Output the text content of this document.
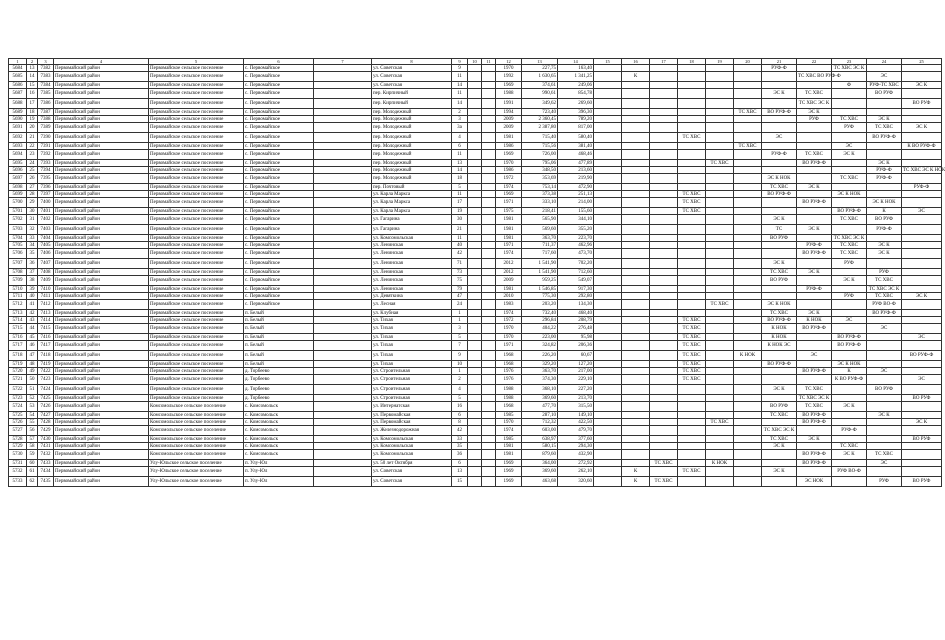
1	2	3	4	5	6	7	8	9	10	11	12	13	14	15	16	17	18	19	20	21	22	23	24	25	
5684	13	7382	Первомайский район	Первомайское сельское поселение	с. Первомайское		ул. Советская	9			1970	227,75	163,40							РУФ-Ф		ТС ХВС ЭС К			
5685	14	7383	Первомайский район	Первомайское сельское поселение	с. Первомайское		ул. Советская	11			1992	1 630,65	1 341,25		К						ТС ХВС ВО РУФ-Ф		ЭС		
5686	15	7384	Первомайский район	Первомайское сельское поселение	с. Первомайское		ул. Советская	14			1969	374,61	249,06									Ф	РУФ-ТС ХВС	ЭС К	
5687	16	7385	Первомайский район	Первомайское сельское поселение	с. Первомайское		пер. Кирпичный	11			1988	990,61	854,78							ЭС К	ТС ХВС		ВО РУФ		
5688	17	7386	Первомайский район	Первомайское сельское поселение	с. Первомайское		пер. Кирпичный	14			1991	349,62	269,60								ТС ХВС ЭС К			ВО РУФ	
5689	18	7387	Первомайский район	Первомайское сельское поселение	с. Первомайское		пер. Молодежный	2			1994	723,40	396,30						ТС ХВС	ВО РУФ-Ф	ЭС К				
5690	19	7388	Первомайский район	Первомайское сельское поселение	с. Первомайское		пер. Молодежный	3			2009	2 360,45	789,20								РУФ	ТС ХВС	ЭС К		
5691	20	7389	Первомайский район	Первомайское сельское поселение	с. Первомайское		пер. Молодежный	3а			2009	2 387,80	817,00									РУФ	ТС ХВС	ЭС К	
5692	21	7390	Первомайский район	Первомайское сельское поселение	с. Первомайское		пер. Молодежный	4			1981	715,40	580,40				ТС ХВС			ЭС			ВО РУФ-Ф		
5693	22	7391	Первомайский район	Первомайское сельское поселение	с. Первомайское		пер. Молодежный	6			1986	715,56	381,40						ТС ХВС			ЭС		К ВО РУФ-Ф	
5694	23	7392	Первомайский район	Первомайское сельское поселение	с. Первомайское		пер. Молодежный	11			1969	726,00	468,46							РУФ-Ф	ТС ХВС	ЭС К			
5695	24	7393	Первомайский район	Первомайское сельское поселение	с. Первомайское		пер. Молодежный	13			1970	795,06	477,89					ТС ХВС			ВО РУФ-Ф		ЭС К		
5696	25	7394	Первомайский район	Первомайское сельское поселение	с. Первомайское		пер. Молодежный	14			1986	348,50	213,60										РУФ-Ф	ТС ХВС ЭС К НОК	
5697	26	7395	Первомайский район	Первомайское сельское поселение	с. Первомайское		пер. Молодежный	18			1972	353,69	219,90							ЭС К НОК		ТС ХВС	РУФ-Ф		
5698	27	7396	Первомайский район	Первомайское сельское поселение	с. Первомайское		пер. Почтовый	5			1974	753,14	472,90							ТС ХВС	ЭС К			РУФ-Ф	
5699	28	7397	Первомайский район	Первомайское сельское поселение	с. Первомайское		ул. Карла Маркса	11			1969	373,38	251,13				ТС ХВС			ВО РУФ-Ф		ЭС К НОК			
5700	29	7400	Первомайский район	Первомайское сельское поселение	с. Первомайское		ул. Карла Маркса	17			1971	333,10	214,00				ТС ХВС				ВО РУФ-Ф		ЭС К НОК		
5701	30	7401	Первомайский район	Первомайское сельское поселение	с. Первомайское		ул. Карла Маркса	19			1975	218,41	155,60				ТС ХВС					ВО РУФ-Ф	К	ЭС	
5702	31	7402	Первомайский район	Первомайское сельское поселение	с. Первомайское		ул. Гагарина	30			1981	565,90	344,10							ЭС К		ТС ХВС	ВО РУФ		
5703	32	7403	Первомайский район	Первомайское сельское поселение	с. Первомайское		ул. Гагарина	21			1981	569,60	355,20							ТС	ЭС К		РУФ-Ф		
5704	33	7404	Первомайский район	Первомайское сельское поселение	с. Первомайское		ул. Комсомольская	11			1981	363,70	223,70							ВО РУФ		ТС ХВС ЭС К			
5705	34	7405	Первомайский район	Первомайское сельское поселение	с. Первомайское		ул. Ленинская	40			1971	711,37	462,96								РУФ-Ф	ТС ХВС	ЭС К		
5706	35	7406	Первомайский район	Первомайское сельское поселение	с. Первомайское		ул. Ленинская	42			1974	717,60	473,70								ВО РУФ-Ф	ТС ХВС	ЭС К		
5707	36	7407	Первомайский район	Первомайское сельское поселение	с. Первомайское		ул. Ленинская	71			2012	1 541,90	702,20							ЭС К		РУФ			
5708	37	7408	Первомайский район	Первомайское сельское поселение	с. Первомайское		ул. Ленинская	73			2012	1 541,90	712,60							ТС ХВС	ЭС К		РУФ		
5709	38	7409	Первомайский район	Первомайское сельское поселение	с. Первомайское		ул. Ленинская	75			2009	959,25	549,07							ВО РУФ		ЭС К	ТС ХВС		
5710	39	7410	Первомайский район	Первомайское сельское поселение	с. Первомайское		ул. Ленинская	79			1981	1 546,85	917,30								РУФ-Ф		ТС ХВС ЭС К		
5711	40	7411	Первомайский район	Первомайское сельское поселение	с. Первомайское		ул. Девяткина	47			2010	775,30	292,80									РУФ	ТС ХВС	ЭС К	
5712	41	7412	Первомайский район	Первомайское сельское поселение	с. Первомайское		ул. Лесная	24			1983	203,20	134,30					ТС ХВС		ЭС К НОК			РУФ ВО-Ф		
5713	42	7413	Первомайский район	Первомайское сельское поселение	п. Белый		ул. Клубная	1			1974	732,40	468,40							ТС ХВС	ЭС К		ВО РУФ-Ф		
5714	43	7414	Первомайский район	Первомайское сельское поселение	п. Белый		ул. Тихая	1			1972	296,84	208,79				ТС ХВС			ВО РУФ-Ф	К НОК	ЭС			
5715	44	7415	Первомайский район	Первомайское сельское поселение	п. Белый		ул. Тихая	3			1970	404,22	276,48				ТС ХВС			К НОК	ВО РУФ-Ф		ЭС		
5716	45	7416	Первомайский район	Первомайское сельское поселение	п. Белый		ул. Тихая	5			1970	223,00	95,98				ТС ХВС			К НОК		ВО РУФ-Ф		ЭС	
5717	46	7417	Первомайский район	Первомайское сельское поселение	п. Белый		ул. Тихая	7			1971	324,82	206,36				ТС ХВС			К НОК ЭС		ВО РУФ-Ф			
5718	47	7418	Первомайский район	Первомайское сельское поселение	п. Белый		ул. Тихая	9			1968	226,20	60,67				ТС ХВС		К НОК		ЭС			ВО РУФ-Ф	
5719	48	7419	Первомайский район	Первомайское сельское поселение	п. Белый		ул. Тихая	10			1968	329,20	127,20				ТС ХВС			ВО РУФ-Ф		ЭС К НОК			
5720	49	7422	Первомайский район	Первомайское сельское поселение	д. Торбеево		ул. Строительная	1			1976	363,70	217,00				ТС ХВС				ВО РУФ-Ф	К	ЭС		
5721	50	7423	Первомайский район	Первомайское сельское поселение	д. Торбеево		ул. Строительная	2			1976	374,30	229,10				ТС ХВС					К ВО РУФ-Ф		ЭС	
5722	51	7424	Первомайский район	Первомайское сельское поселение	д. Торбеево		ул. Строительная	4			1988	368,10	227,20							ЭС К	ТС ХВС		ВО РУФ		
5723	52	7425	Первомайский район	Первомайское сельское поселение	д. Торбеево		ул. Строительная	5			1988	369,60	213,70								ТС ХВС ЭС К			ВО РУФ	
5724	53	7426	Первомайский район	Комсомольское сельское поселение	с. Комсомольск		ул. Интернатская	16			1968	477,70	315,50							ВО РУФ	ТС ХВС	ЭС К			
5725	54	7427	Первомайский район	Комсомольское сельское поселение	с. Комсомольск		ул. Первомайская	6			1985	287,10	149,10							ТС ХВС	ВО РУФ-Ф		ЭС К		
5726	55	7428	Первомайский район	Комсомольское сельское поселение	с. Комсомольск		ул. Первомайская	8			1970	712,32	422,50					ТС ХВС			ВО РУФ-Ф			ЭС К	
5727	56	7429	Первомайский район	Комсомольское сельское поселение	с. Комсомольск		ул. Железнодорожная	42			1974	603,00	479,70							ТС ХВС ЭС К		РУФ-Ф			
5728	57	7430	Первомайский район	Комсомольское сельское поселение	с. Комсомольск		ул. Комсомольская	33			1985	638,97	377,60							ТС ХВС	ЭС К			ВО РУФ	
5729	58	7431	Первомайский район	Комсомольское сельское поселение	с. Комсомольск		ул. Комсомольская	35			1981	580,15	294,30							ЭС К		ТС ХВС			
5730	59	7432	Первомайский район	Комсомольское сельское поселение	с. Комсомольск		ул. Комсомольская	36			1981	879,60	432,90								ВО РУФ-Ф	ЭС К	ТС ХВС		
5731	60	7433	Первомайский район	Улу-Юльское сельское поселение	п. Улу-Юл		ул. 50 лет Октября	6			1969	364,00	272,92			ТС ХВС		К НОК			ВО РУФ-Ф		ЭС		
5732	61	7434	Первомайский район	Улу-Юльское сельское поселение	п. Улу-Юл		ул. Советская	13			1969	369,60	262,10		К		ТС ХВС			ЭС К		РУФ ВО-Ф			
5733	62	7435	Первомайский район	Улу-Юльское сельское поселение	п. Улу-Юл		ул. Советская	15			1969	463,68	320,60		К	ТС ХВС					ЭС НОК		РУФ	ВО РУФ	
